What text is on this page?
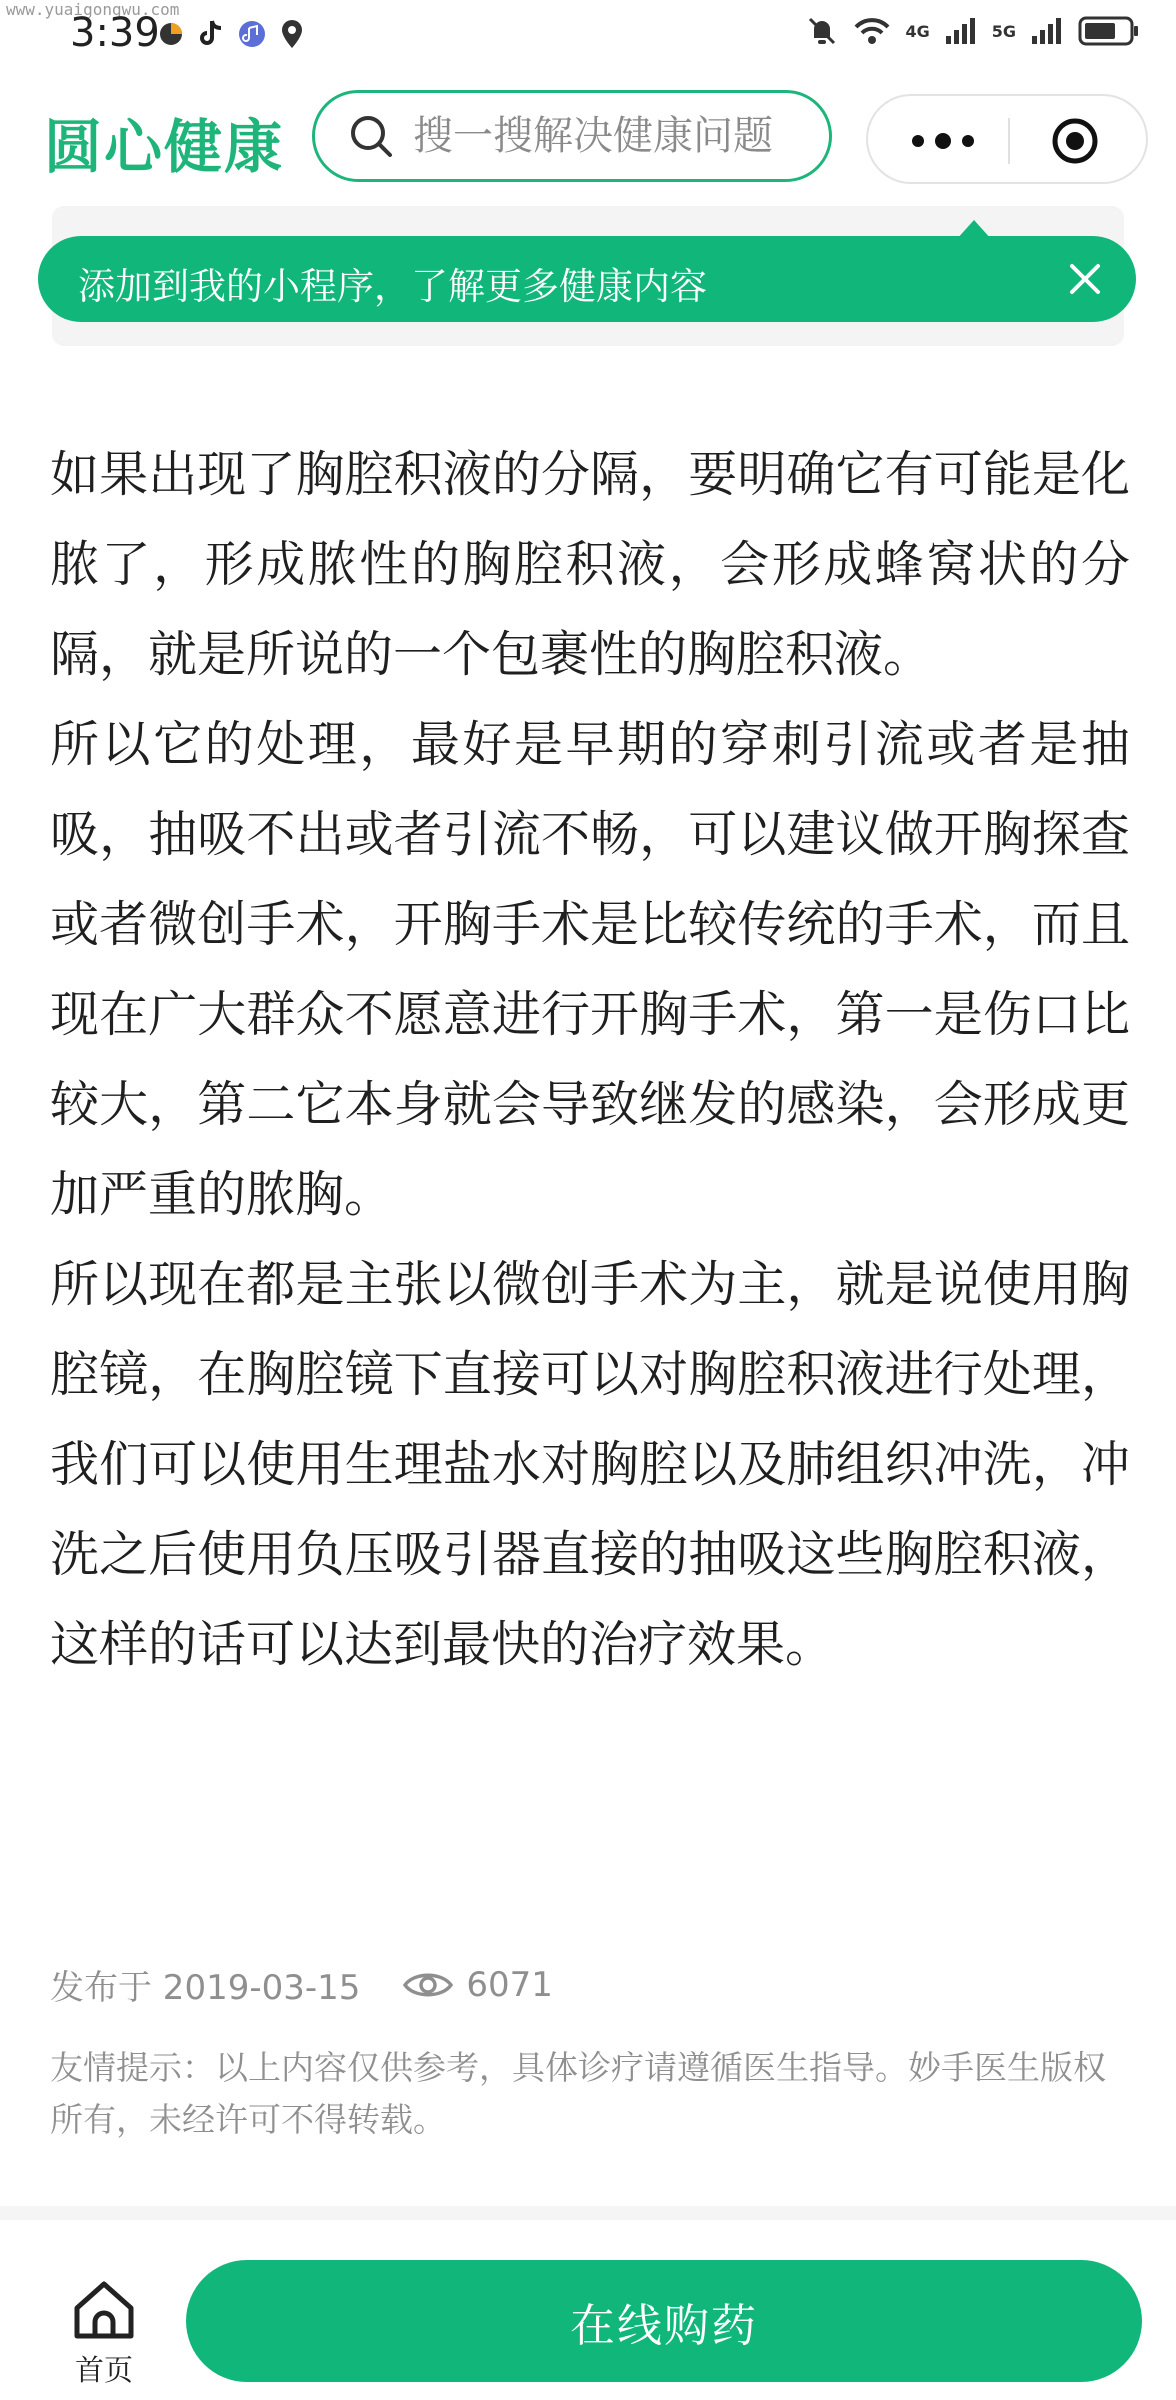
www.yuaigongwu.com
3:39	4G	5G
圆心健康
搜一搜解决健康问题
添加到我的小程序，了解更多健康内容

如果出现了胸腔积液的分隔，要明确它有可能是化脓了，形成脓性的胸腔积液，会形成蜂窝状的分隔，就是所说的一个包裹性的胸腔积液。

所以它的处理，最好是早期的穿刺引流或者是抽吸，抽吸不出或者引流不畅，可以建议做开胸探查或者微创手术，开胸手术是比较传统的手术，而且现在广大群众不愿意进行开胸手术，第一是伤口比较大，第二它本身就会导致继发的感染，会形成更加严重的脓胸。

所以现在都是主张以微创手术为主，就是说使用胸腔镜，在胸腔镜下直接可以对胸腔积液进行处理，我们可以使用生理盐水对胸腔以及肺组织冲洗，冲洗之后使用负压吸引器直接的抽吸这些胸腔积液，这样的话可以达到最快的治疗效果。

发布于 2019-03-15	6071
友情提示：以上内容仅供参考，具体诊疗请遵循医生指导。妙手医生版权所有，未经许可不得转载。
首页
在线购药
